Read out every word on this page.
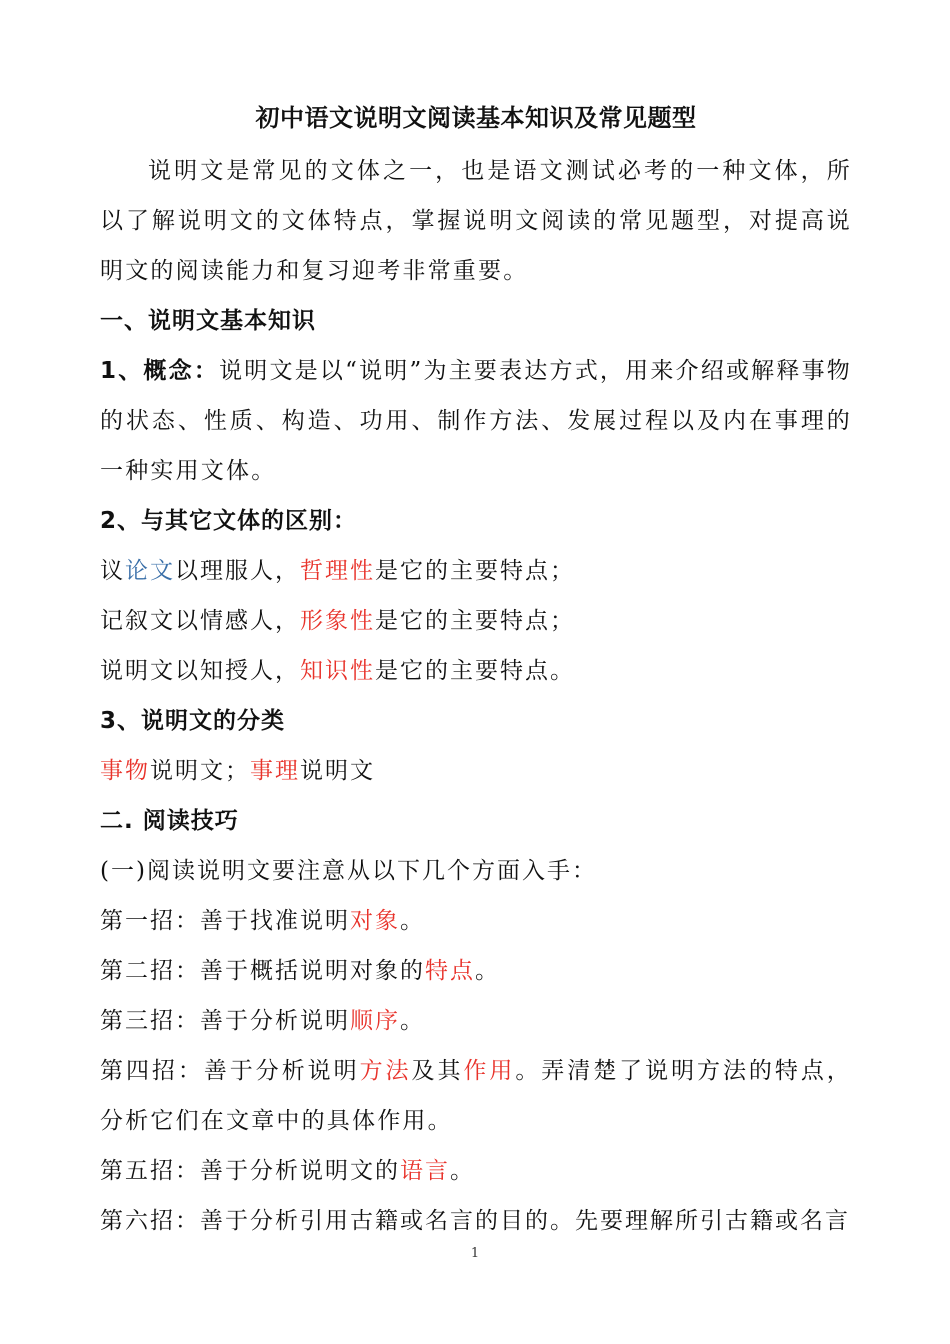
初中语文说明文阅读基本知识及常见题型

说明文是常见的文体之一，也是语文测试必考的一种文体，所以了解说明文的文体特点，掌握说明文阅读的常见题型，对提高说明文的阅读能力和复习迎考非常重要。

一、说明文基本知识

1、概念：说明文是以“说明”为主要表达方式，用来介绍或解释事物的状态、性质、构造、功用、制作方法、发展过程以及内在事理的一种实用文体。

2、与其它文体的区别：

议论文以理服人，哲理性是它的主要特点；

记叙文以情感人，形象性是它的主要特点；

说明文以知授人，知识性是它的主要特点。

3、说明文的分类

事物说明文；事理说明文

二. 阅读技巧

(一)阅读说明文要注意从以下几个方面入手：

第一招：善于找准说明对象。

第二招：善于概括说明对象的特点。

第三招：善于分析说明顺序。

第四招：善于分析说明方法及其作用。弄清楚了说明方法的特点，分析它们在文章中的具体作用。

第五招：善于分析说明文的语言。

第六招：善于分析引用古籍或名言的目的。先要理解所引古籍或名言

1
